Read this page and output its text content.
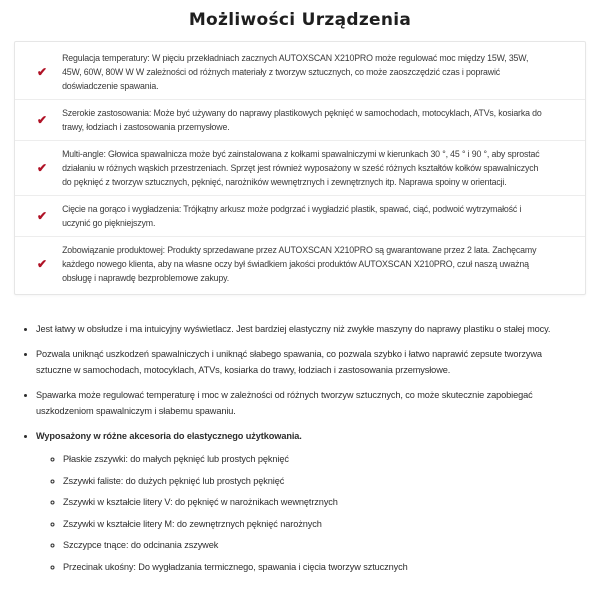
Możliwości Urządzenia
✔

Regulacja temperatury: W pięciu przekładniach zacznych AUTOXSCAN X210PRO może regulować moc między 15W, 35W, 45W, 60W, 80W W W zależności od różnych materiały z tworzyw sztucznych, co może zaoszczędzić czas i poprawić doświadczenie spawania.

✔ Szerokie zastosowania: Może być używany do naprawy plastikowych pęknięć w samochodach, motocyklach, ATVs, kosiarka do trawy, łodziach i zastosowania przemysłowe.

✔

Multi-angle: Głowica spawalnicza może być zainstalowana z kołkami spawalniczymi w kierunkach 30 °, 45 ° i 90 °, aby sprostać działaniu w różnych wąskich przestrzeniach. Sprzęt jest również wyposażony w sześć różnych kształtów kołków spawalniczych do pęknięć z tworzyw sztucznych, pęknięć, narożników wewnętrznych i zewnętrznych itp. Naprawa spoiny w orientacji.

✔ Cięcie na gorąco i wygładzenia: Trójkątny arkusz może podgrzać i wygładzić plastik, spawać, ciąć, podwoić wytrzymałość i uczynić go piękniejszym.

✔

Zobowiązanie produktowej: Produkty sprzedawane przez AUTOXSCAN X210PRO są gwarantowane przez 2 lata. Zachęcamy każdego nowego klienta, aby na własne oczy był świadkiem jakości produktów AUTOXSCAN X210PRO, czuł naszą uważną obsługę i naprawdę bezproblemowe zakupy.

• Jest łatwy w obsłudze i ma intuicyjny wyświetlacz. Jest bardziej elastyczny niż zwykłe maszyny do naprawy plastiku o stałej mocy.
• Pozwala uniknąć uszkodzeń spawalniczych i uniknąć słabego spawania, co pozwala szybko i łatwo naprawić zepsute tworzywa sztuczne w samochodach, motocyklach, ATVs, kosiarka do trawy, łodziach i zastosowania przemysłowe.
• Spawarka może regulować temperaturę i moc w zależności od różnych tworzyw sztucznych, co może skutecznie zapobiegać uszkodzeniom spawalniczym i słabemu spawaniu.
• Wyposażony w różne akcesoria do elastycznego użytkowania.
◦ Płaskie zszywki: do małych pęknięć lub prostych pęknięć
◦ Zszywki faliste: do dużych pęknięć lub prostych pęknięć
◦ Zszywki w kształcie litery V: do pęknięć w narożnikach wewnętrznych
◦ Zszywki w kształcie litery M: do zewnętrznych pęknięć narożnych
◦ Szczypce tnące: do odcinania zszywek
◦ Przecinak ukośny: Do wygładzania termicznego, spawania i cięcia tworzyw sztucznych
